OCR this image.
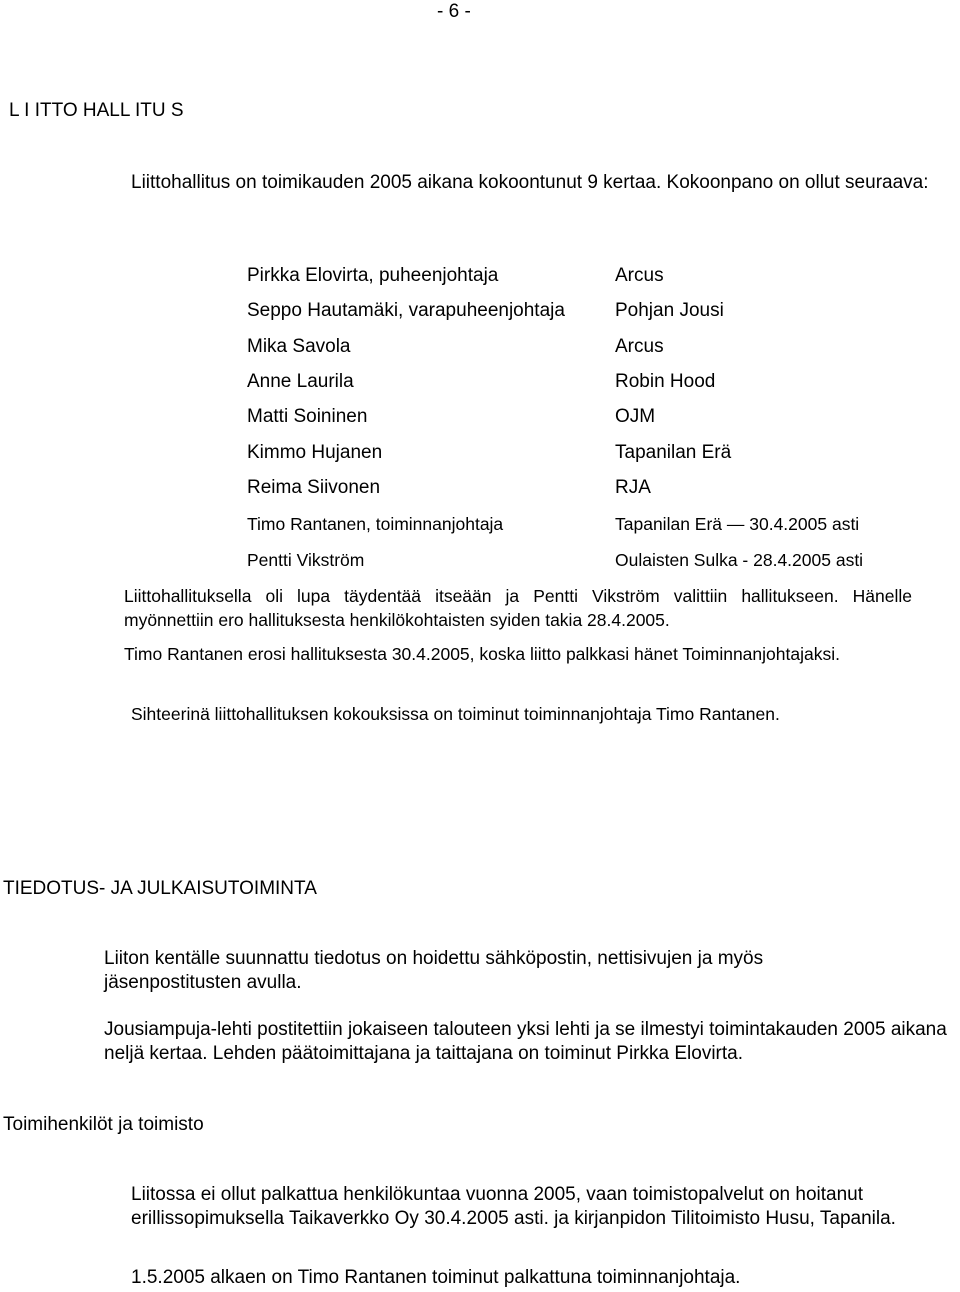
- 6 -
L I ITTO HALL ITU S
Liittohallitus on toimikauden 2005 aikana kokoontunut 9 kertaa. Kokoonpano on ollut seuraava:
Pirkka Elovirta, puheenjohtaja	Arcus
Seppo Hautamäki, varapuheenjohtaja	Pohjan Jousi
Mika Savola	Arcus
Anne Laurila	Robin Hood
Matti Soininen	OJM
Kimmo Hujanen	Tapanilan Erä
Reima Siivonen	RJA
Timo Rantanen, toiminnanjohtaja	Tapanilan Erä — 30.4.2005 asti
Pentti Vikström	Oulaisten Sulka - 28.4.2005 asti
Liittohallituksella oli lupa täydentää itseään ja Pentti Vikström valittiin hallitukseen. Hänelle myönnettiin ero hallituksesta henkilökohtaisten syiden takia 28.4.2005.
Timo Rantanen erosi hallituksesta 30.4.2005, koska liitto palkkasi hänet Toiminnanjohtajaksi.
Sihteerinä liittohallituksen kokouksissa on toiminut toiminnanjohtaja Timo Rantanen.
TIEDOTUS- JA JULKAISUTOIMINTA
Liiton kentälle suunnattu tiedotus on hoidettu sähköpostin, nettisivujen ja myös jäsenpostitusten avulla.
Jousiampuja-lehti postitettiin jokaiseen talouteen yksi lehti ja se ilmestyi toimintakauden 2005 aikana neljä kertaa. Lehden päätoimittajana ja taittajana on toiminut Pirkka Elovirta.
Toimihenkilöt ja toimisto
Liitossa ei ollut palkattua henkilökuntaa vuonna 2005, vaan toimistopalvelut on hoitanut erillissopimuksella Taikaverkko Oy 30.4.2005 asti. ja kirjanpidon Tilitoimisto Husu, Tapanila.
1.5.2005 alkaen on Timo Rantanen toiminut palkattuna toiminnanjohtaja.
